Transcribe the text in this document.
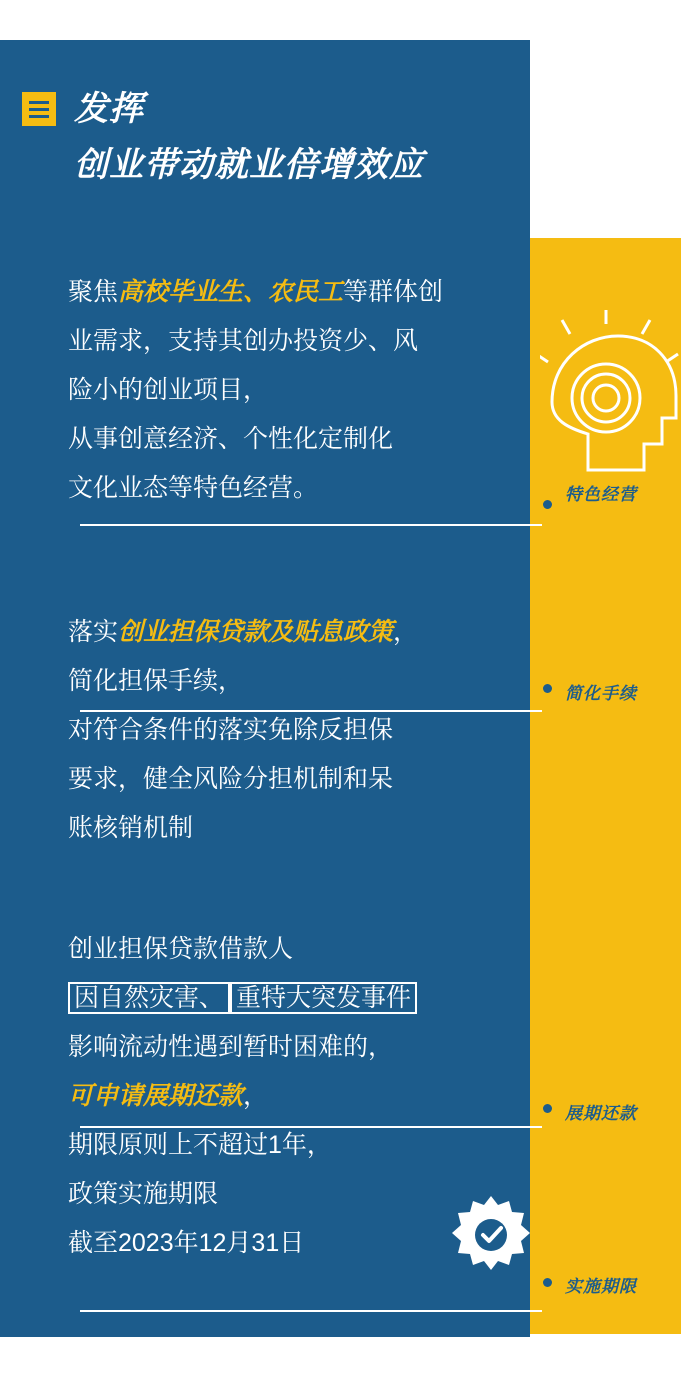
发挥
创业带动就业倍增效应
聚焦高校毕业生、农民工等群体创
业需求，支持其创办投资少、风
险小的创业项目，
从事创意经济、个性化定制化
文化业态等特色经营。
落实创业担保贷款及贴息政策，
简化担保手续，
对符合条件的落实免除反担保
要求，健全风险分担机制和呆
账核销机制
创业担保贷款借款人
因自然灾害、 重特大突发事件
影响流动性遇到暂时困难的，
可申请展期还款，
期限原则上不超过1年，
政策实施期限
截至2023年12月31日
特色经营
简化手续
展期还款
实施期限
